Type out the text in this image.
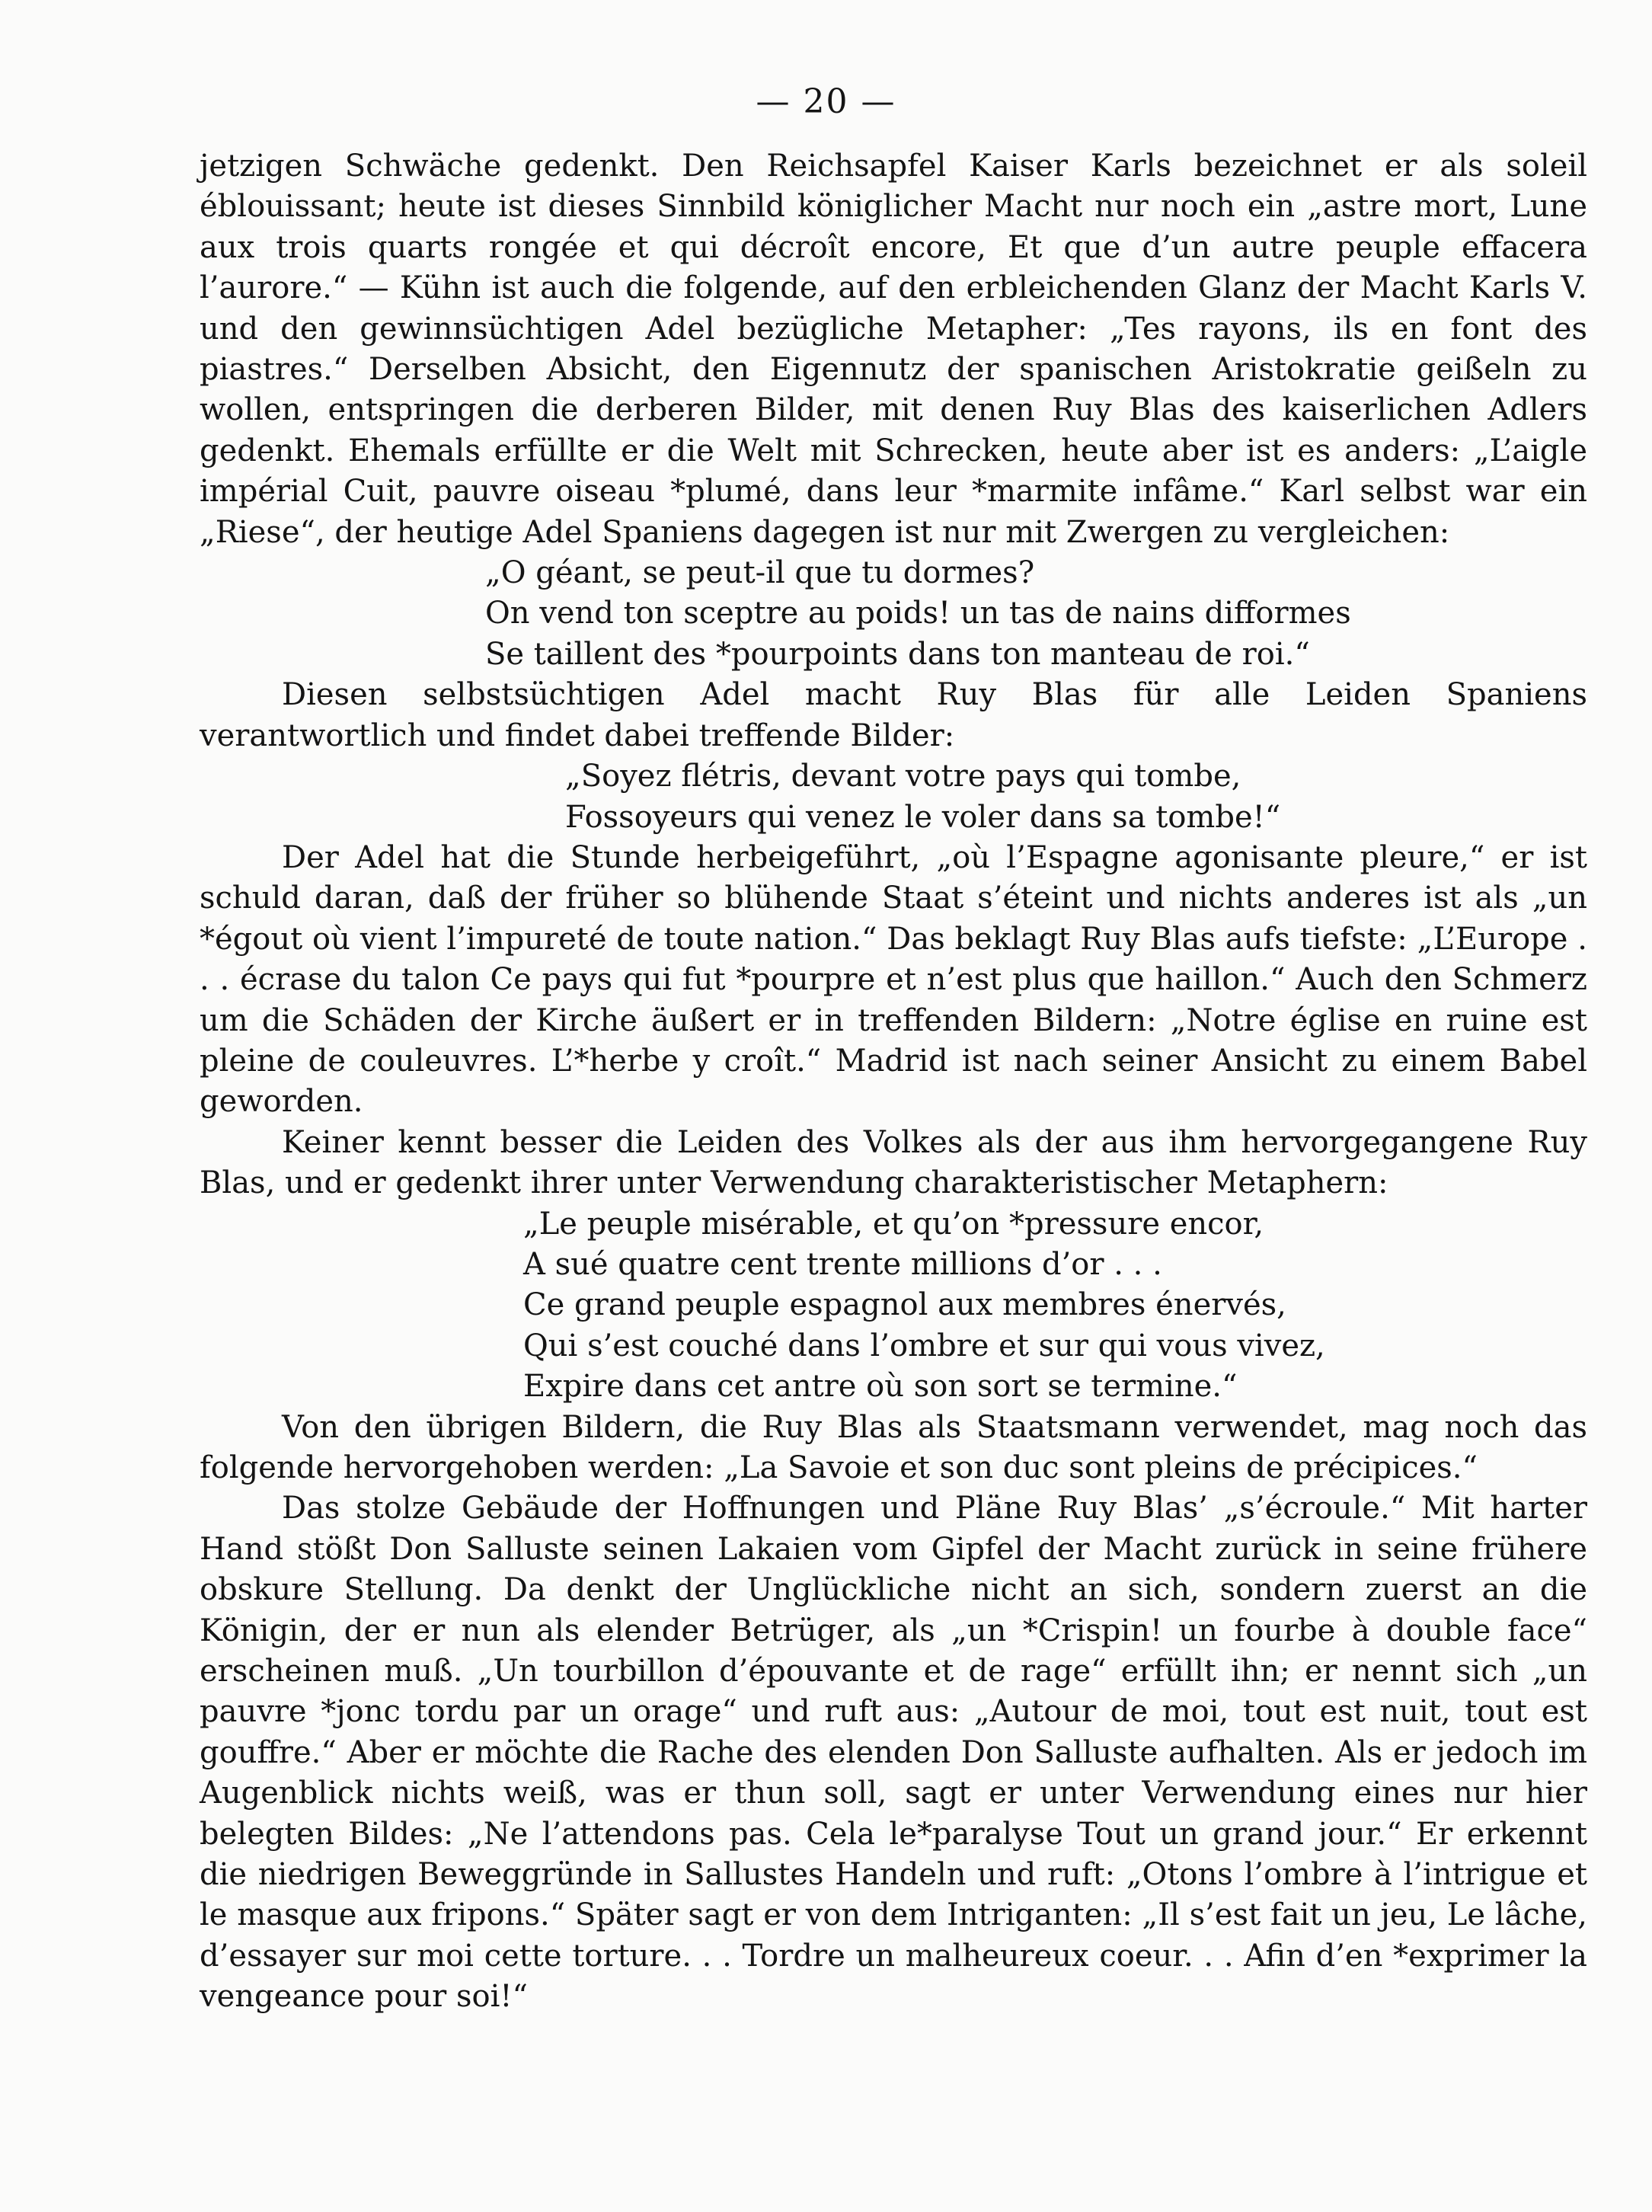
— 20 —

jetzigen Schwäche gedenkt. Den Reichsapfel Kaiser Karls bezeichnet er als soleil éblouissant; heute ist dieses Sinnbild königlicher Macht nur noch ein „astre mort, Lune aux trois quarts rongée et qui décroît encore, Et que d’un autre peuple effacera l’aurore.“ — Kühn ist auch die folgende, auf den erbleichenden Glanz der Macht Karls V. und den gewinnsüchtigen Adel bezügliche Metapher: „Tes rayons, ils en font des piastres.“ Derselben Absicht, den Eigennutz der spanischen Aristokratie geißeln zu wollen, entspringen die derberen Bilder, mit denen Ruy Blas des kaiserlichen Adlers gedenkt. Ehemals erfüllte er die Welt mit Schrecken, heute aber ist es anders: „L’aigle impérial Cuit, pauvre oiseau *plumé, dans leur *marmite infâme.“ Karl selbst war ein „Riese“, der heutige Adel Spaniens dagegen ist nur mit Zwergen zu vergleichen:

„O géant, se peut-il que tu dormes?
On vend ton sceptre au poids! un tas de nains difformes
Se taillent des *pourpoints dans ton manteau de roi.“

Diesen selbstsüchtigen Adel macht Ruy Blas für alle Leiden Spaniens verantwortlich und findet dabei treffende Bilder:

„Soyez flétris, devant votre pays qui tombe,
Fossoyeurs qui venez le voler dans sa tombe!“

Der Adel hat die Stunde herbeigeführt, „où l’Espagne agonisante pleure,“ er ist schuld daran, daß der früher so blühende Staat s’éteint und nichts anderes ist als „un *égout où vient l’impureté de toute nation.“ Das beklagt Ruy Blas aufs tiefste: „L’Europe . . . écrase du talon Ce pays qui fut *pourpre et n’est plus que haillon.“ Auch den Schmerz um die Schäden der Kirche äußert er in treffenden Bildern: „Notre église en ruine est pleine de couleuvres. L’*herbe y croît.“ Madrid ist nach seiner Ansicht zu einem Babel geworden.

Keiner kennt besser die Leiden des Volkes als der aus ihm hervorgegangene Ruy Blas, und er gedenkt ihrer unter Verwendung charakteristischer Metaphern:

„Le peuple misérable, et qu’on *pressure encor,
A sué quatre cent trente millions d’or . . .
Ce grand peuple espagnol aux membres énervés,
Qui s’est couché dans l’ombre et sur qui vous vivez,
Expire dans cet antre où son sort se termine.“

Von den übrigen Bildern, die Ruy Blas als Staatsmann verwendet, mag noch das folgende hervorgehoben werden: „La Savoie et son duc sont pleins de précipices.“

Das stolze Gebäude der Hoffnungen und Pläne Ruy Blas’ „s’écroule.“ Mit harter Hand stößt Don Salluste seinen Lakaien vom Gipfel der Macht zurück in seine frühere obskure Stellung. Da denkt der Unglückliche nicht an sich, sondern zuerst an die Königin, der er nun als elender Betrüger, als „un *Crispin! un fourbe à double face“ erscheinen muß. „Un tourbillon d’épouvante et de rage“ erfüllt ihn; er nennt sich „un pauvre *jonc tordu par un orage“ und ruft aus: „Autour de moi, tout est nuit, tout est gouffre.“ Aber er möchte die Rache des elenden Don Salluste aufhalten. Als er jedoch im Augenblick nichts weiß, was er thun soll, sagt er unter Verwendung eines nur hier belegten Bildes: „Ne l’attendons pas. Cela le*paralyse Tout un grand jour.“ Er erkennt die niedrigen Beweggründe in Sallustes Handeln und ruft: „Otons l’ombre à l’intrigue et le masque aux fripons.“ Später sagt er von dem Intriganten: „Il s’est fait un jeu, Le lâche, d’essayer sur moi cette torture. . . Tordre un malheureux coeur. . . Afin d’en *exprimer la vengeance pour soi!“
